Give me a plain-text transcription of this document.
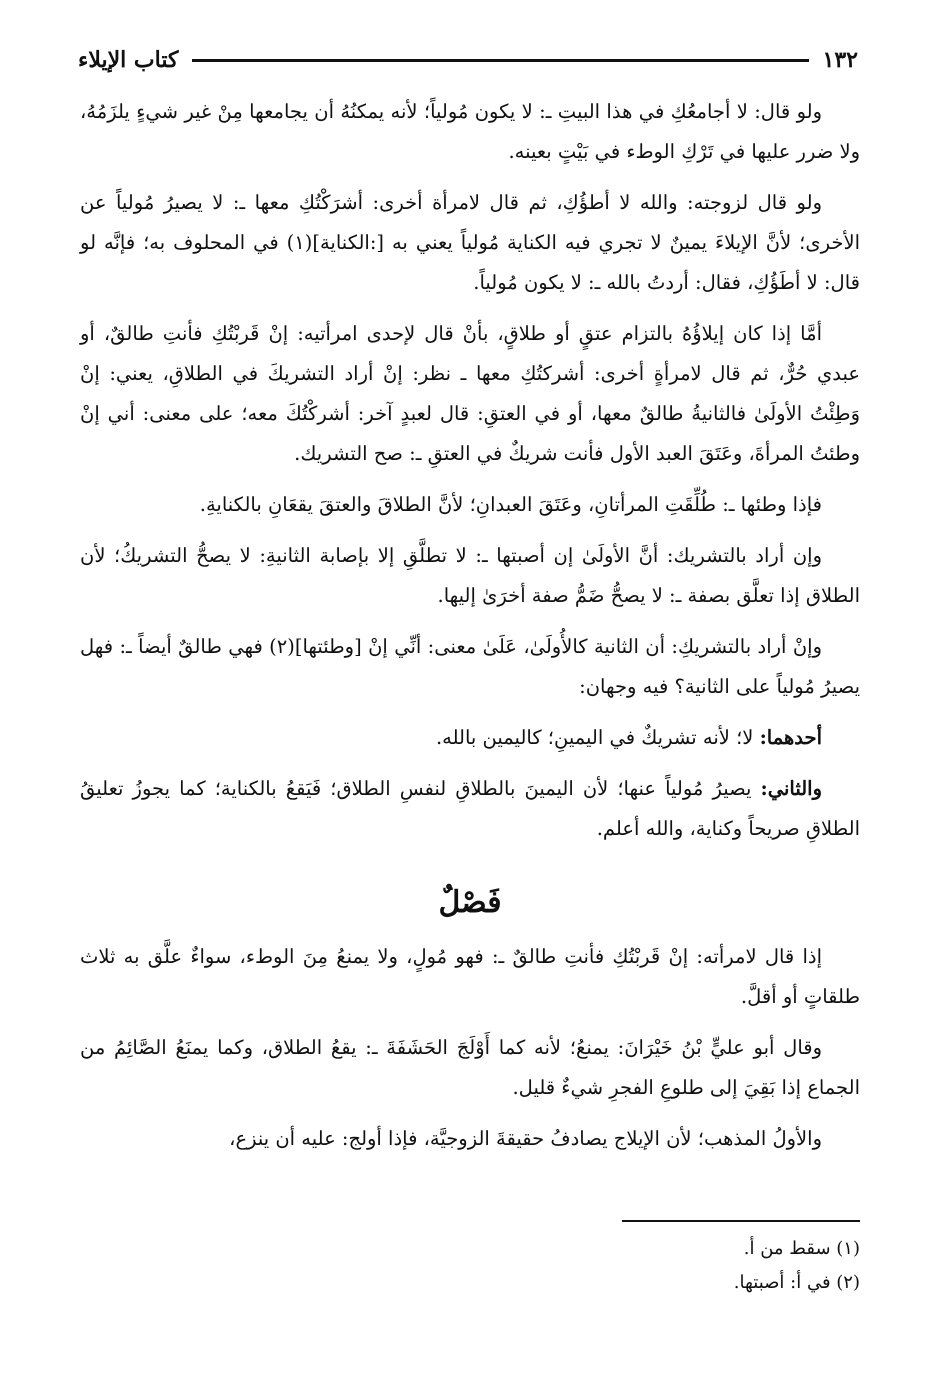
١٣٢
كتاب الإيلاء

ولو قال: لا أجامعُكِ في هذا البيتِ ـ: لا يكون مُولياً؛ لأنه يمكنُهُ أن يجامعها مِنْ غير شيءٍ يلزَمُهُ، ولا ضرر عليها في تَرْكِ الوطء في بَيْتٍ بعينه.

ولو قال لزوجته: والله لا أطؤُكِ، ثم قال لامرأة أخرى: أشرَكْتُكِ معها ـ: لا يصيرُ مُولياً عن الأخرى؛ لأنَّ الإيلاءَ يمينٌ لا تجري فيه الكناية مُولياً يعني به [:الكناية](١) في المحلوف به؛ فإنَّه لو قال: لا أطَؤُكِ، فقال: أردتُ بالله ـ: لا يكون مُولياً.

أمَّا إذا كان إيلاؤُهُ بالتزام عتقٍ أو طلاقٍ، بأنْ قال لإحدى امرأتيه: إنْ قَربْتُكِ فأنتِ طالقٌ، أو عبدي حُرٌّ، ثم قال لامرأةٍ أخرى: أشركتُكِ معها ـ نظر: إنْ أراد التشريكَ في الطلاقِ، يعني: إنْ وَطِئْتُ الأولَىٰ فالثانيةُ طالقٌ معها، أو في العتقِ: قال لعبدٍ آخر: أشركْتُكَ معه؛ على معنى: أني إنْ وطئتُ المرأةَ، وعَتَقَ العبد الأول فأنت شريكٌ في العتقِ ـ: صح التشريك.

فإذا وطئها ـ: طُلِّقَتِ المرأتانِ، وعَتَقَ العبدانِ؛ لأنَّ الطلاقَ والعتقَ يقعَانِ بالكنايةِ.

وإن أراد بالتشريك: أنَّ الأولَىٰ إن أصبتها ـ: لا تطلَّقِ إلا بإصابة الثانيةِ: لا يصحُّ التشريكُ؛ لأن الطلاق إذا تعلَّق بصفة ـ: لا يصحُّ ضَمُّ صفة أخرَىٰ إليها.

وإنْ أراد بالتشريكِ: أن الثانية كالأُولَىٰ، عَلَىٰ معنى: أنِّي إنْ [وطئتها](٢) فهي طالقٌ أيضاً ـ: فهل يصيرُ مُولياً على الثانية؟ فيه وجهان:

أحدهما: لا؛ لأنه تشريكٌ في اليمينِ؛ كاليمين بالله.

والثاني: يصيرُ مُولياً عنها؛ لأن اليمينَ بالطلاقِ لنفسِ الطلاق؛ فَيَقعُ بالكناية؛ كما يجوزُ تعليقُ الطلاقِ صريحاً وكناية، والله أعلم.

فَصْلٌ

إذا قال لامرأته: إنْ قَربْتُكِ فأنتِ طالقٌ ـ: فهو مُولٍ، ولا يمنعُ مِنَ الوطء، سواءٌ علَّق به ثلاث طلقاتٍ أو أقلَّ.

وقال أبو عليٍّ بْنُ خَيْرَانَ: يمنعُ؛ لأنه كما أَوْلَجَ الحَشَفَةَ ـ: يقعُ الطلاق، وكما يمنَعُ الصَّائِمُ من الجماع إذا بَقِيَ إلى طلوعِ الفجرِ شيءٌ قليل.

والأولُ المذهب؛ لأن الإيلاج يصادفُ حقيقةَ الزوجيَّة، فإذا أولج: عليه أن ينزع،

(١) سقط من أ.
(٢) في أ: أصبتها.
